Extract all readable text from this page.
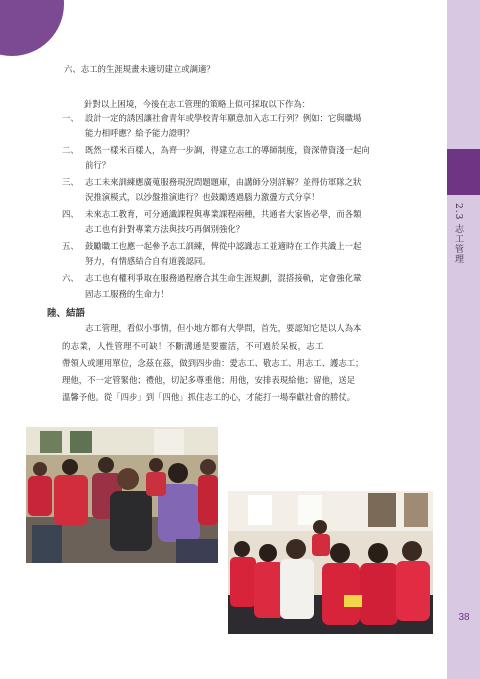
2.3 志工管理
38
六、志工的生涯規畫未適切建立或調適？
針對以上困境，今後在志工管理的策略上似可採取以下作為：
一、 設計一定的誘因讓社會青年或學校青年願意加入志工行列？例如：它與職場
能力相呼應？給予能力證明？
二、 既然一樣米百樣人，為齊一步調，得建立志工的導師制度，資深帶資淺一起向
前行？
三、 志工未來訓練應廣蒐服務現況問題題庫，由講師分別詳解？並得仿軍隊之狀
況推演模式，以沙盤推演進行？也鼓勵透過腦力激盪方式分享！
四、 未來志工教育，可分通識課程與專業課程兩種，共通者大家皆必學，而各類
志工也有針對專業方法與技巧再個別強化？
五、 鼓勵職工也應一起參予志工訓練，俾從中認識志工並適時在工作共識上一起
努力，有情感結合自有道義認同。
六、 志工也有權利爭取在服務過程磨合其生命生涯規劃，混搭接軌，定會強化鞏
固志工服務的生命力！
陸、結語
志工管理，看似小事情，但小地方都有大學問，首先，要認知它是以人為本
的志業，人性管理不可缺！不斷溝通是要靈活，不可過於呆板，志工
帶領人或運用單位，念茲在茲，做到四步曲：愛志工、敬志工、用志工、護志工；
理他，不一定管緊他；禮他，切記多尊重他；用他，安排表現給他；留他，送足
溫馨予他。從「四步」到「四他」抓住志工的心，才能打一場奉獻社會的勝仗。
